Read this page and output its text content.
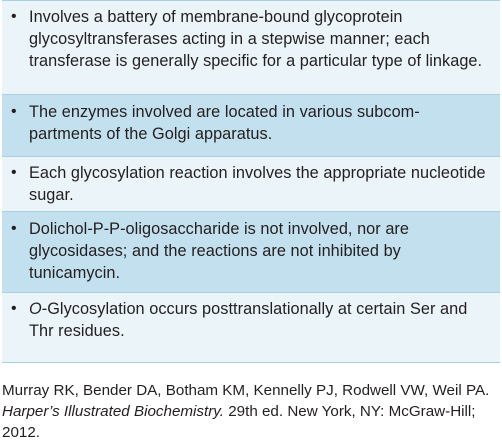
• Involves a battery of membrane-bound glycoprotein glycosyltransferases acting in a stepwise manner; each transferase is generally specific for a particular type of linkage.
• The enzymes involved are located in various subcom-partments of the Golgi apparatus.
• Each glycosylation reaction involves the appropriate nucleotide sugar.
• Dolichol-P-P-oligosaccharide is not involved, nor are glycosidases; and the reactions are not inhibited by tunicamycin.
• O-Glycosylation occurs posttranslationally at certain Ser and Thr residues.
Murray RK, Bender DA, Botham KM, Kennelly PJ, Rodwell VW, Weil PA. Harper’s Illustrated Biochemistry. 29th ed. New York, NY: McGraw-Hill; 2012.
